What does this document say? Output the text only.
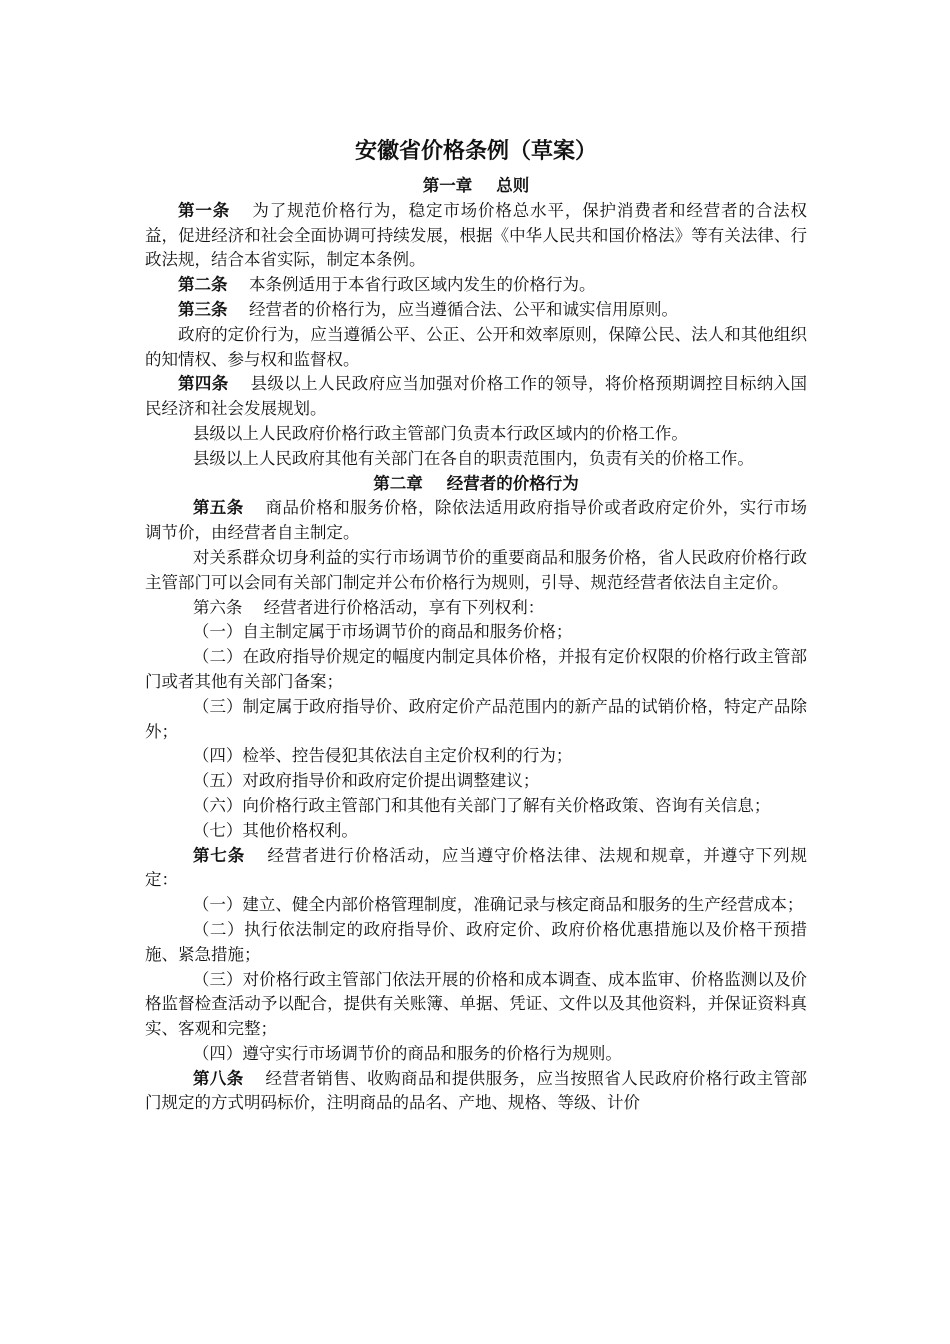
安徽省价格条例（草案）
第一章 总则

第一条 为了规范价格行为，稳定市场价格总水平，保护消费者和经营者的合法权益，促进经济和社会全面协调可持续发展，根据《中华人民共和国价格法》等有关法律、行政法规，结合本省实际，制定本条例。

第二条 本条例适用于本省行政区域内发生的价格行为。

第三条 经营者的价格行为，应当遵循合法、公平和诚实信用原则。

政府的定价行为，应当遵循公平、公正、公开和效率原则，保障公民、法人和其他组织的知情权、参与权和监督权。

第四条 县级以上人民政府应当加强对价格工作的领导，将价格预期调控目标纳入国民经济和社会发展规划。

县级以上人民政府价格行政主管部门负责本行政区域内的价格工作。

县级以上人民政府其他有关部门在各自的职责范围内，负责有关的价格工作。

第二章 经营者的价格行为

第五条 商品价格和服务价格，除依法适用政府指导价或者政府定价外，实行市场调节价，由经营者自主制定。

对关系群众切身利益的实行市场调节价的重要商品和服务价格，省人民政府价格行政主管部门可以会同有关部门制定并公布价格行为规则，引导、规范经营者依法自主定价。

第六条 经营者进行价格活动，享有下列权利：

（一）自主制定属于市场调节价的商品和服务价格；

（二）在政府指导价规定的幅度内制定具体价格，并报有定价权限的价格行政主管部门或者其他有关部门备案；

（三）制定属于政府指导价、政府定价产品范围内的新产品的试销价格，特定产品除外；

（四）检举、控告侵犯其依法自主定价权利的行为；

（五）对政府指导价和政府定价提出调整建议；

（六）向价格行政主管部门和其他有关部门了解有关价格政策、咨询有关信息；

（七）其他价格权利。

第七条 经营者进行价格活动，应当遵守价格法律、法规和规章，并遵守下列规定：

（一）建立、健全内部价格管理制度，准确记录与核定商品和服务的生产经营成本；

（二）执行依法制定的政府指导价、政府定价、政府价格优惠措施以及价格干预措施、紧急措施；

（三）对价格行政主管部门依法开展的价格和成本调查、成本监审、价格监测以及价格监督检查活动予以配合，提供有关账簿、单据、凭证、文件以及其他资料，并保证资料真实、客观和完整；

（四）遵守实行市场调节价的商品和服务的价格行为规则。

第八条 经营者销售、收购商品和提供服务，应当按照省人民政府价格行政主管部门规定的方式明码标价，注明商品的品名、产地、规格、等级、计价
